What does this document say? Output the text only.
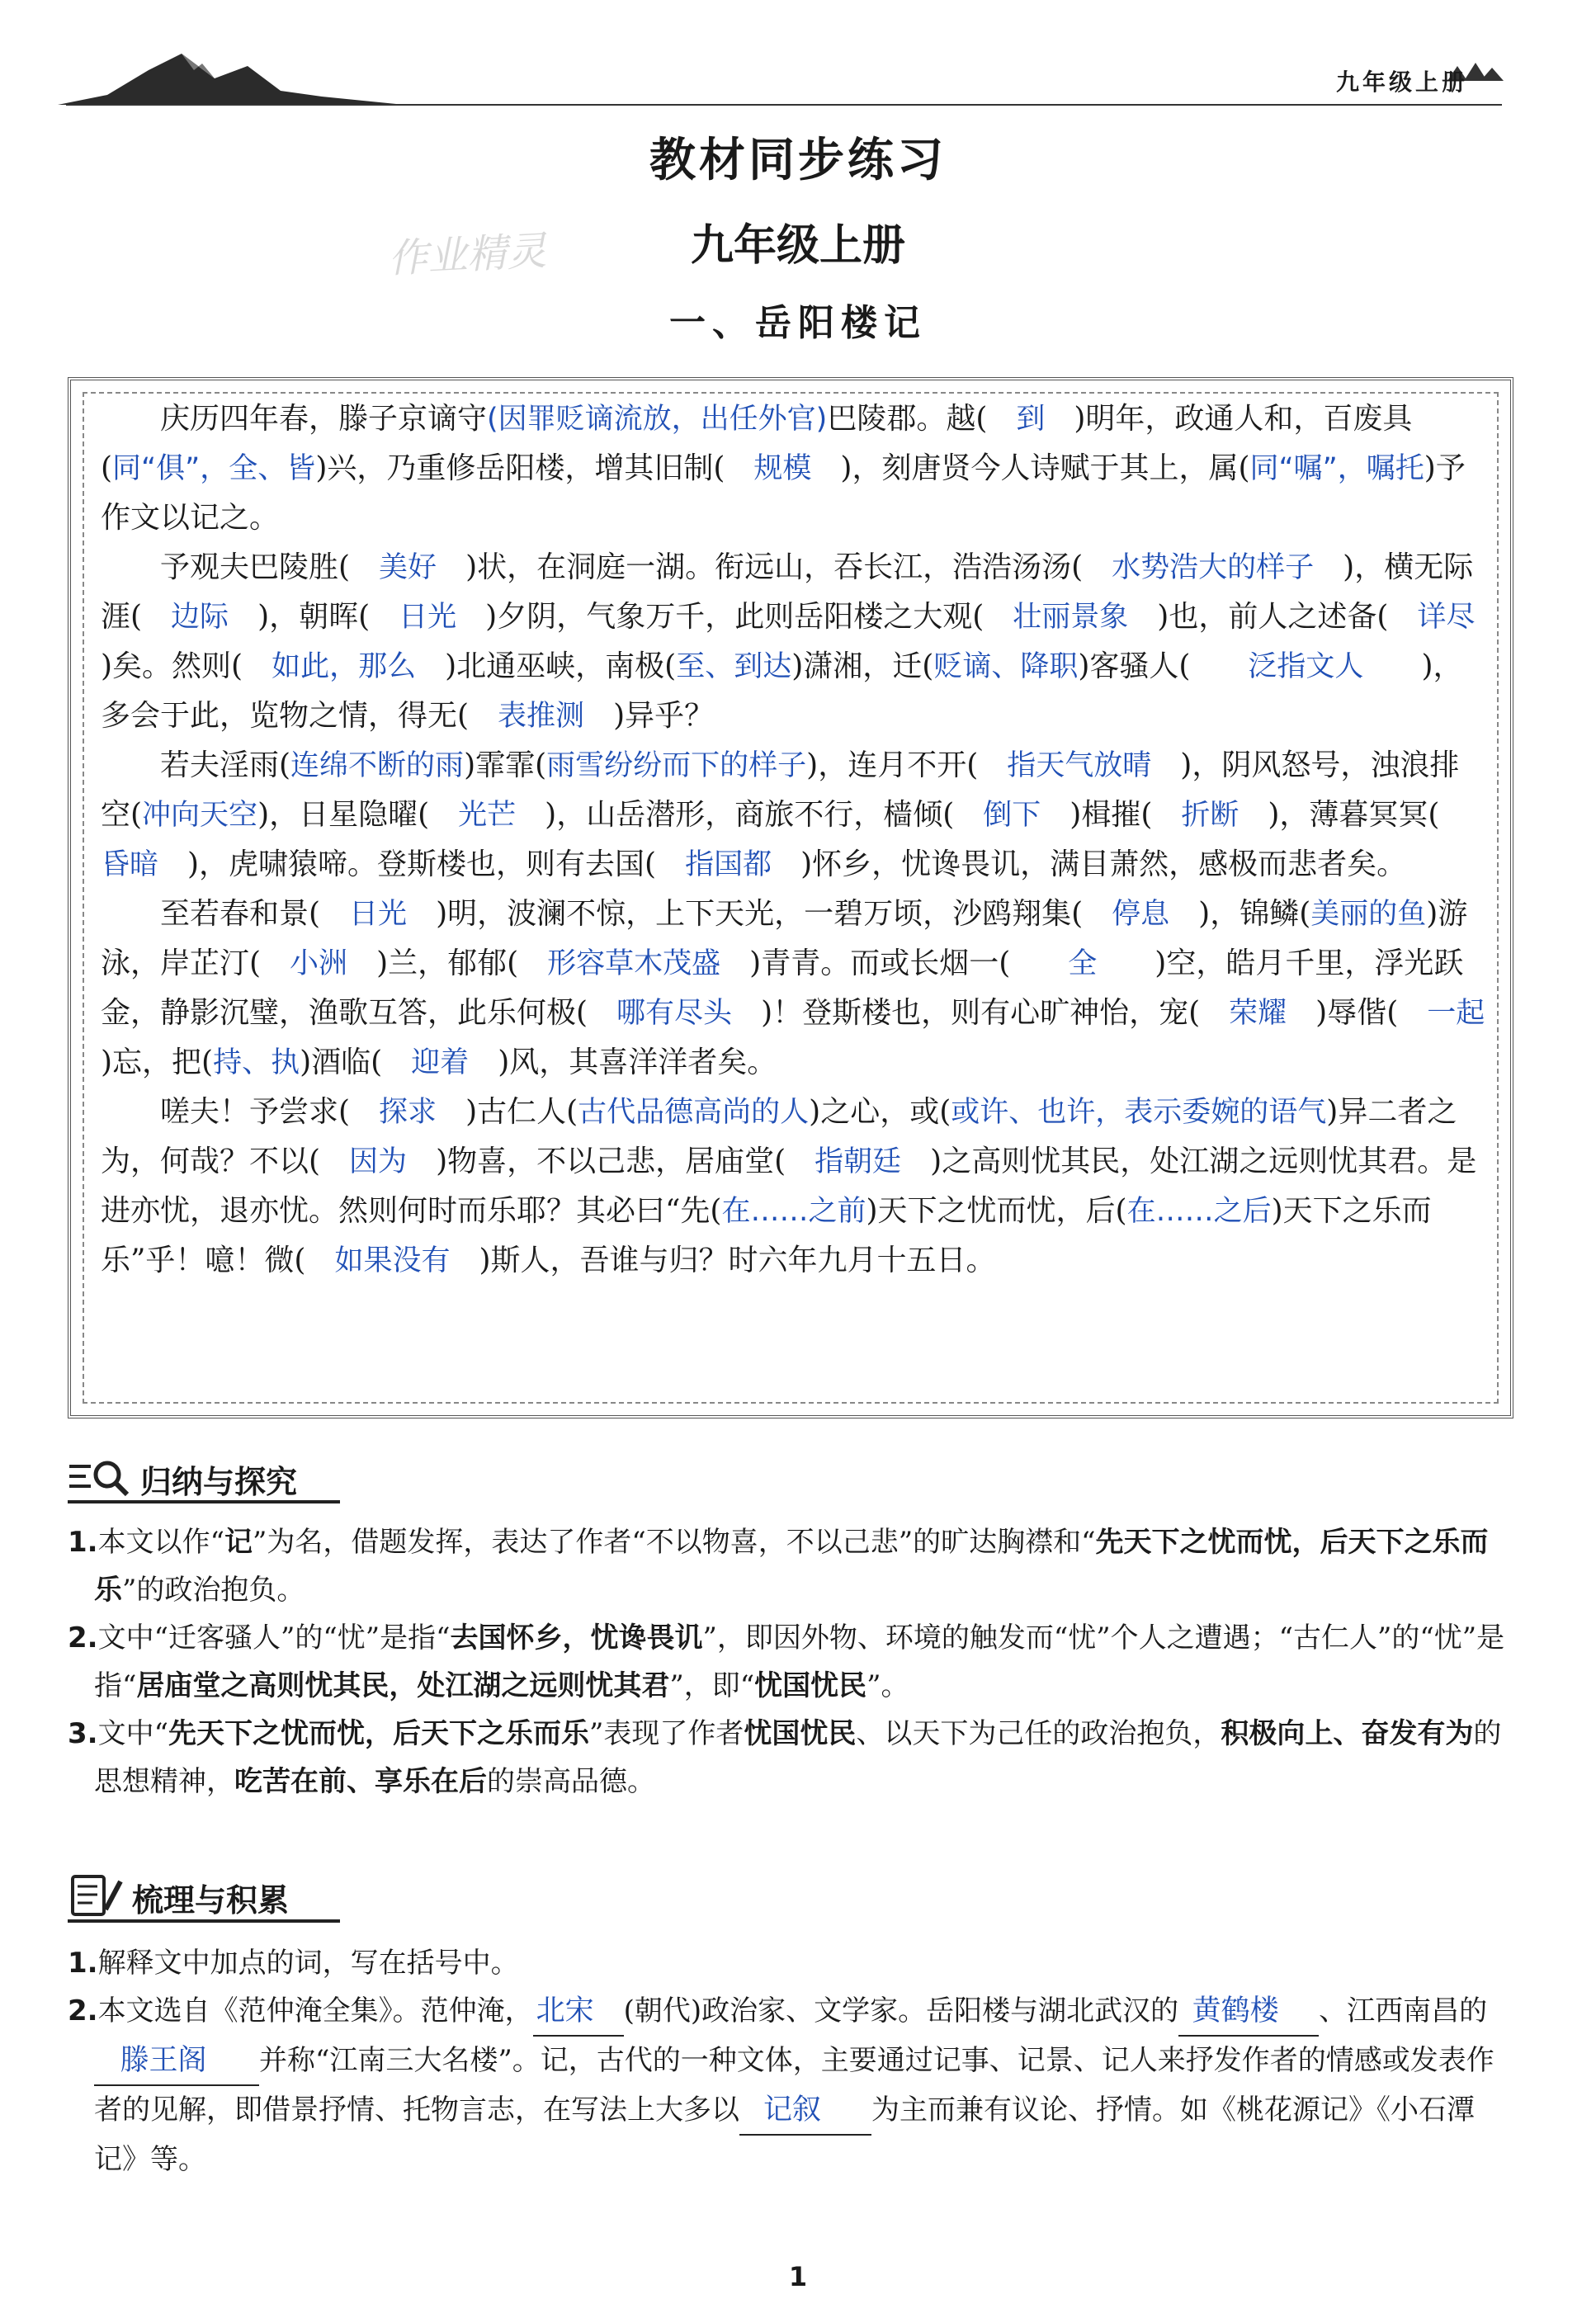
九年级上册
作业精灵
教材同步练习
九年级上册
一、岳阳楼记

庆历四年春，滕子京谪守(因罪贬谪流放，出任外官)巴陵郡。越(　到　)明年，政通人和，百废具(同“俱”，全、皆)兴，乃重修岳阳楼，增其旧制(　规模　)，刻唐贤今人诗赋于其上，属(同“嘱”，嘱托)予作文以记之。

予观夫巴陵胜(　美好　)状，在洞庭一湖。衔远山，吞长江，浩浩汤汤(　水势浩大的样子　)，横无际涯(　边际　)，朝晖(　日光　)夕阴，气象万千，此则岳阳楼之大观(　壮丽景象　)也，前人之述备(　详尽　)矣。然则(　如此，那么　)北通巫峡，南极(至、到达)潇湘，迁(贬谪、降职)客骚人(　　泛指文人　　)，多会于此，览物之情，得无(　表推测　)异乎？

若夫淫雨(连绵不断的雨)霏霏(雨雪纷纷而下的样子)，连月不开(　指天气放晴　)，阴风怒号，浊浪排空(冲向天空)，日星隐曜(　光芒　)，山岳潜形，商旅不行，樯倾(　倒下　)楫摧(　折断　)，薄暮冥冥(　昏暗　)，虎啸猿啼。登斯楼也，则有去国(　指国都　)怀乡，忧谗畏讥，满目萧然，感极而悲者矣。

至若春和景(　日光　)明，波澜不惊，上下天光，一碧万顷，沙鸥翔集(　停息　)，锦鳞(美丽的鱼)游泳，岸芷汀(　小洲　)兰，郁郁(　形容草木茂盛　)青青。而或长烟一(　　全　　)空，皓月千里，浮光跃金，静影沉璧，渔歌互答，此乐何极(　哪有尽头　)！登斯楼也，则有心旷神怡，宠(　荣耀　)辱偕(　一起　)忘，把(持、执)酒临(　迎着　)风，其喜洋洋者矣。

嗟夫！予尝求(　探求　)古仁人(古代品德高尚的人)之心，或(或许、也许，表示委婉的语气)异二者之为，何哉？不以(　因为　)物喜，不以己悲，居庙堂(　指朝廷　)之高则忧其民，处江湖之远则忧其君。是进亦忧，退亦忧。然则何时而乐耶？其必曰“先(在……之前)天下之忧而忧，后(在……之后)天下之乐而乐”乎！噫！微(　如果没有　)斯人，吾谁与归？时六年九月十五日。

归纳与探究
1.本文以作“记”为名，借题发挥，表达了作者“不以物喜，不以己悲”的旷达胸襟和“先天下之忧而忧，后天下之乐而乐”的政治抱负。
2.文中“迁客骚人”的“忧”是指“去国怀乡，忧谗畏讥”，即因外物、环境的触发而“忧”个人之遭遇；“古仁人”的“忧”是指“居庙堂之高则忧其民，处江湖之远则忧其君”，即“忧国忧民”。
3.文中“先天下之忧而忧，后天下之乐而乐”表现了作者忧国忧民、以天下为己任的政治抱负，积极向上、奋发有为的思想精神，吃苦在前、享乐在后的崇高品德。
梳理与积累
1.解释文中加点的词，写在括号中。
2.本文选自《范仲淹全集》。范仲淹， 北宋 (朝代)政治家、文学家。岳阳楼与湖北武汉的 黄鹤楼 、江西南昌的滕王阁 并称“江南三大名楼”。记，古代的一种文体，主要通过记事、记景、记人来抒发作者的情感或发表作者的见解，即借景抒情、托物言志，在写法上大多以 记叙 为主而兼有议论、抒情。如《桃花源记》《小石潭记》等。
1
